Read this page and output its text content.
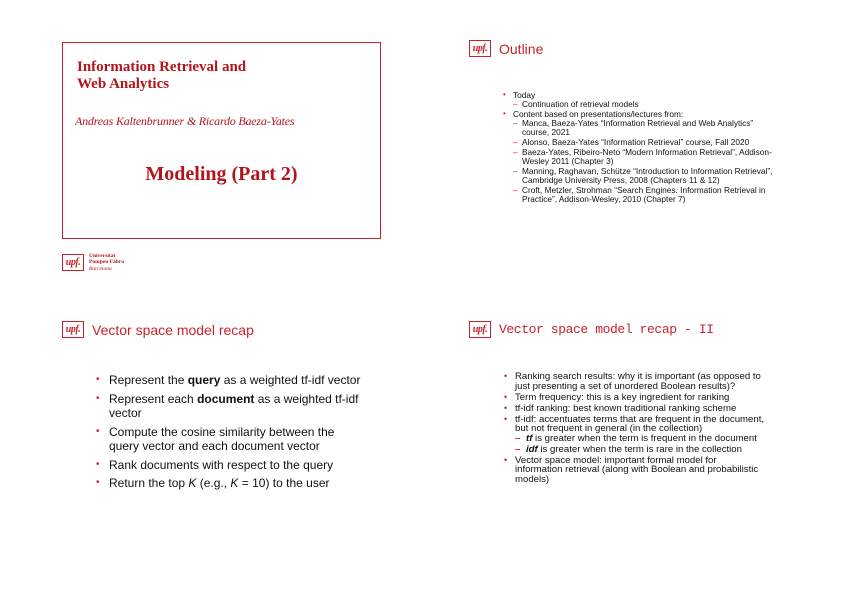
Information Retrieval and
Web Analytics
Andreas Kaltenbrunner & Ricardo Baeza-Yates
Modeling (Part 2)
upf.
Universitat
Pompeu Fabra
Barcelona
upf. Outline
• Today
– Continuation of retrieval models
• Content based on presentations/lectures from:
– Manca, Baeza-Yates “Information Retrieval and Web Analytics” course, 2021
– Alonso, Baeza-Yates “Information Retrieval” course, Fall 2020
– Baeza-Yates, Ribeiro-Neto “Modern Information Retrieval”, Addison-Wesley 2011 (Chapter 3)
– Manning, Raghavan, Schütze “Introduction to Information Retrieval”, Cambridge University Press, 2008 (Chapters 11 & 12)
– Croft, Metzler, Strohman “Search Engines. Information Retrieval in Practice”, Addison-Wesley, 2010 (Chapter 7)
upf. Vector space model recap
• Represent the query as a weighted tf-idf vector
• Represent each document as a weighted tf-idf vector
• Compute the cosine similarity between the query vector and each document vector
• Rank documents with respect to the query
• Return the top K (e.g., K = 10) to the user
upf. Vector space model recap - II
• Ranking search results: why it is important (as opposed to just presenting a set of unordered Boolean results)?
• Term frequency: this is a key ingredient for ranking
• tf-idf ranking: best known traditional ranking scheme
• tf-idf: accentuates terms that are frequent in the document, but not frequent in general (in the collection)
– tf is greater when the term is frequent in the document
– idf is greater when the term is rare in the collection
• Vector space model: important formal model for information retrieval (along with Boolean and probabilistic models)
